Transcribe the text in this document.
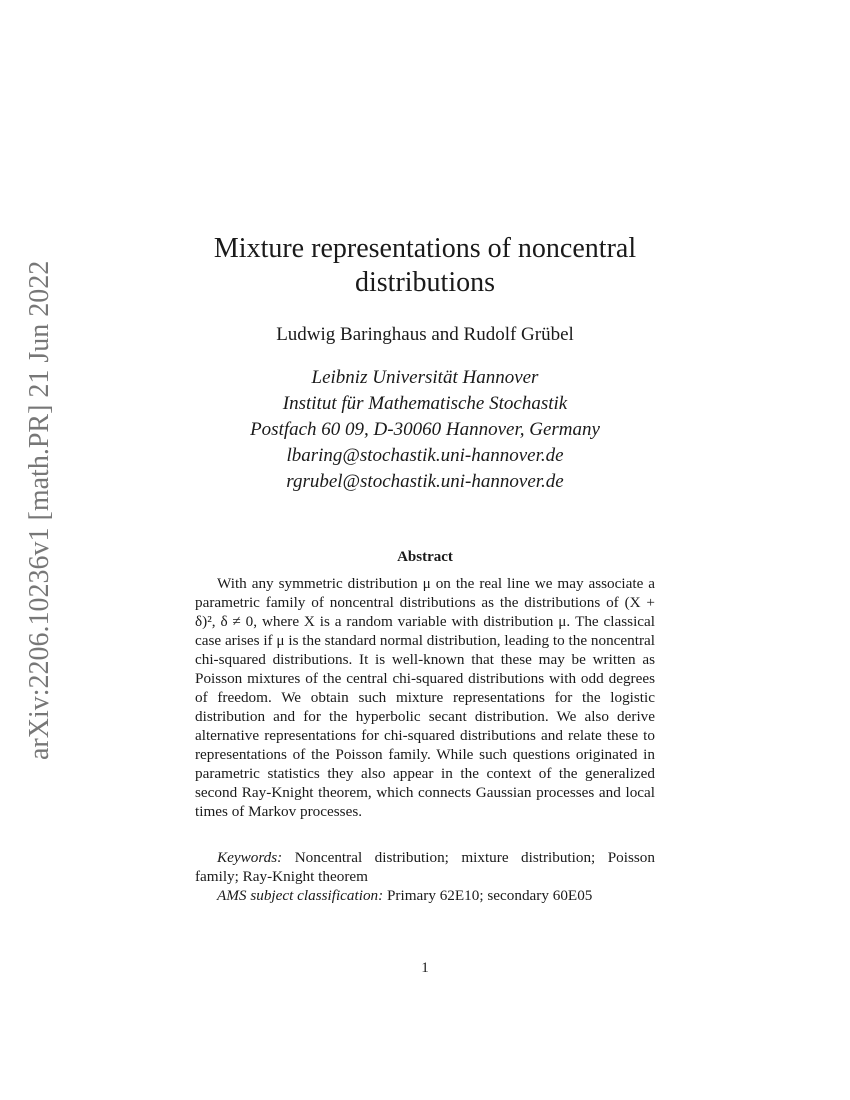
arXiv:2206.10236v1 [math.PR] 21 Jun 2022
Mixture representations of noncentral
distributions
Ludwig Baringhaus and Rudolf Grübel
Leibniz Universität Hannover
Institut für Mathematische Stochastik
Postfach 60 09, D-30060 Hannover, Germany
lbaring@stochastik.uni-hannover.de
rgrubel@stochastik.uni-hannover.de
Abstract

With any symmetric distribution μ on the real line we may associate a parametric family of noncentral distributions as the distributions of (X + δ)², δ ≠ 0, where X is a random variable with distribution μ. The classical case arises if μ is the standard normal distribution, leading to the noncentral chi-squared distributions. It is well-known that these may be written as Poisson mixtures of the central chi-squared distributions with odd degrees of freedom. We obtain such mixture representations for the logistic distribution and for the hyperbolic secant distribution. We also derive alternative representations for chi-squared distributions and relate these to representations of the Poisson family. While such questions originated in parametric statistics they also appear in the context of the generalized second Ray-Knight theorem, which connects Gaussian processes and local times of Markov processes.

Keywords: Noncentral distribution; mixture distribution; Poisson family; Ray-Knight theorem

AMS subject classification: Primary 62E10; secondary 60E05

1
